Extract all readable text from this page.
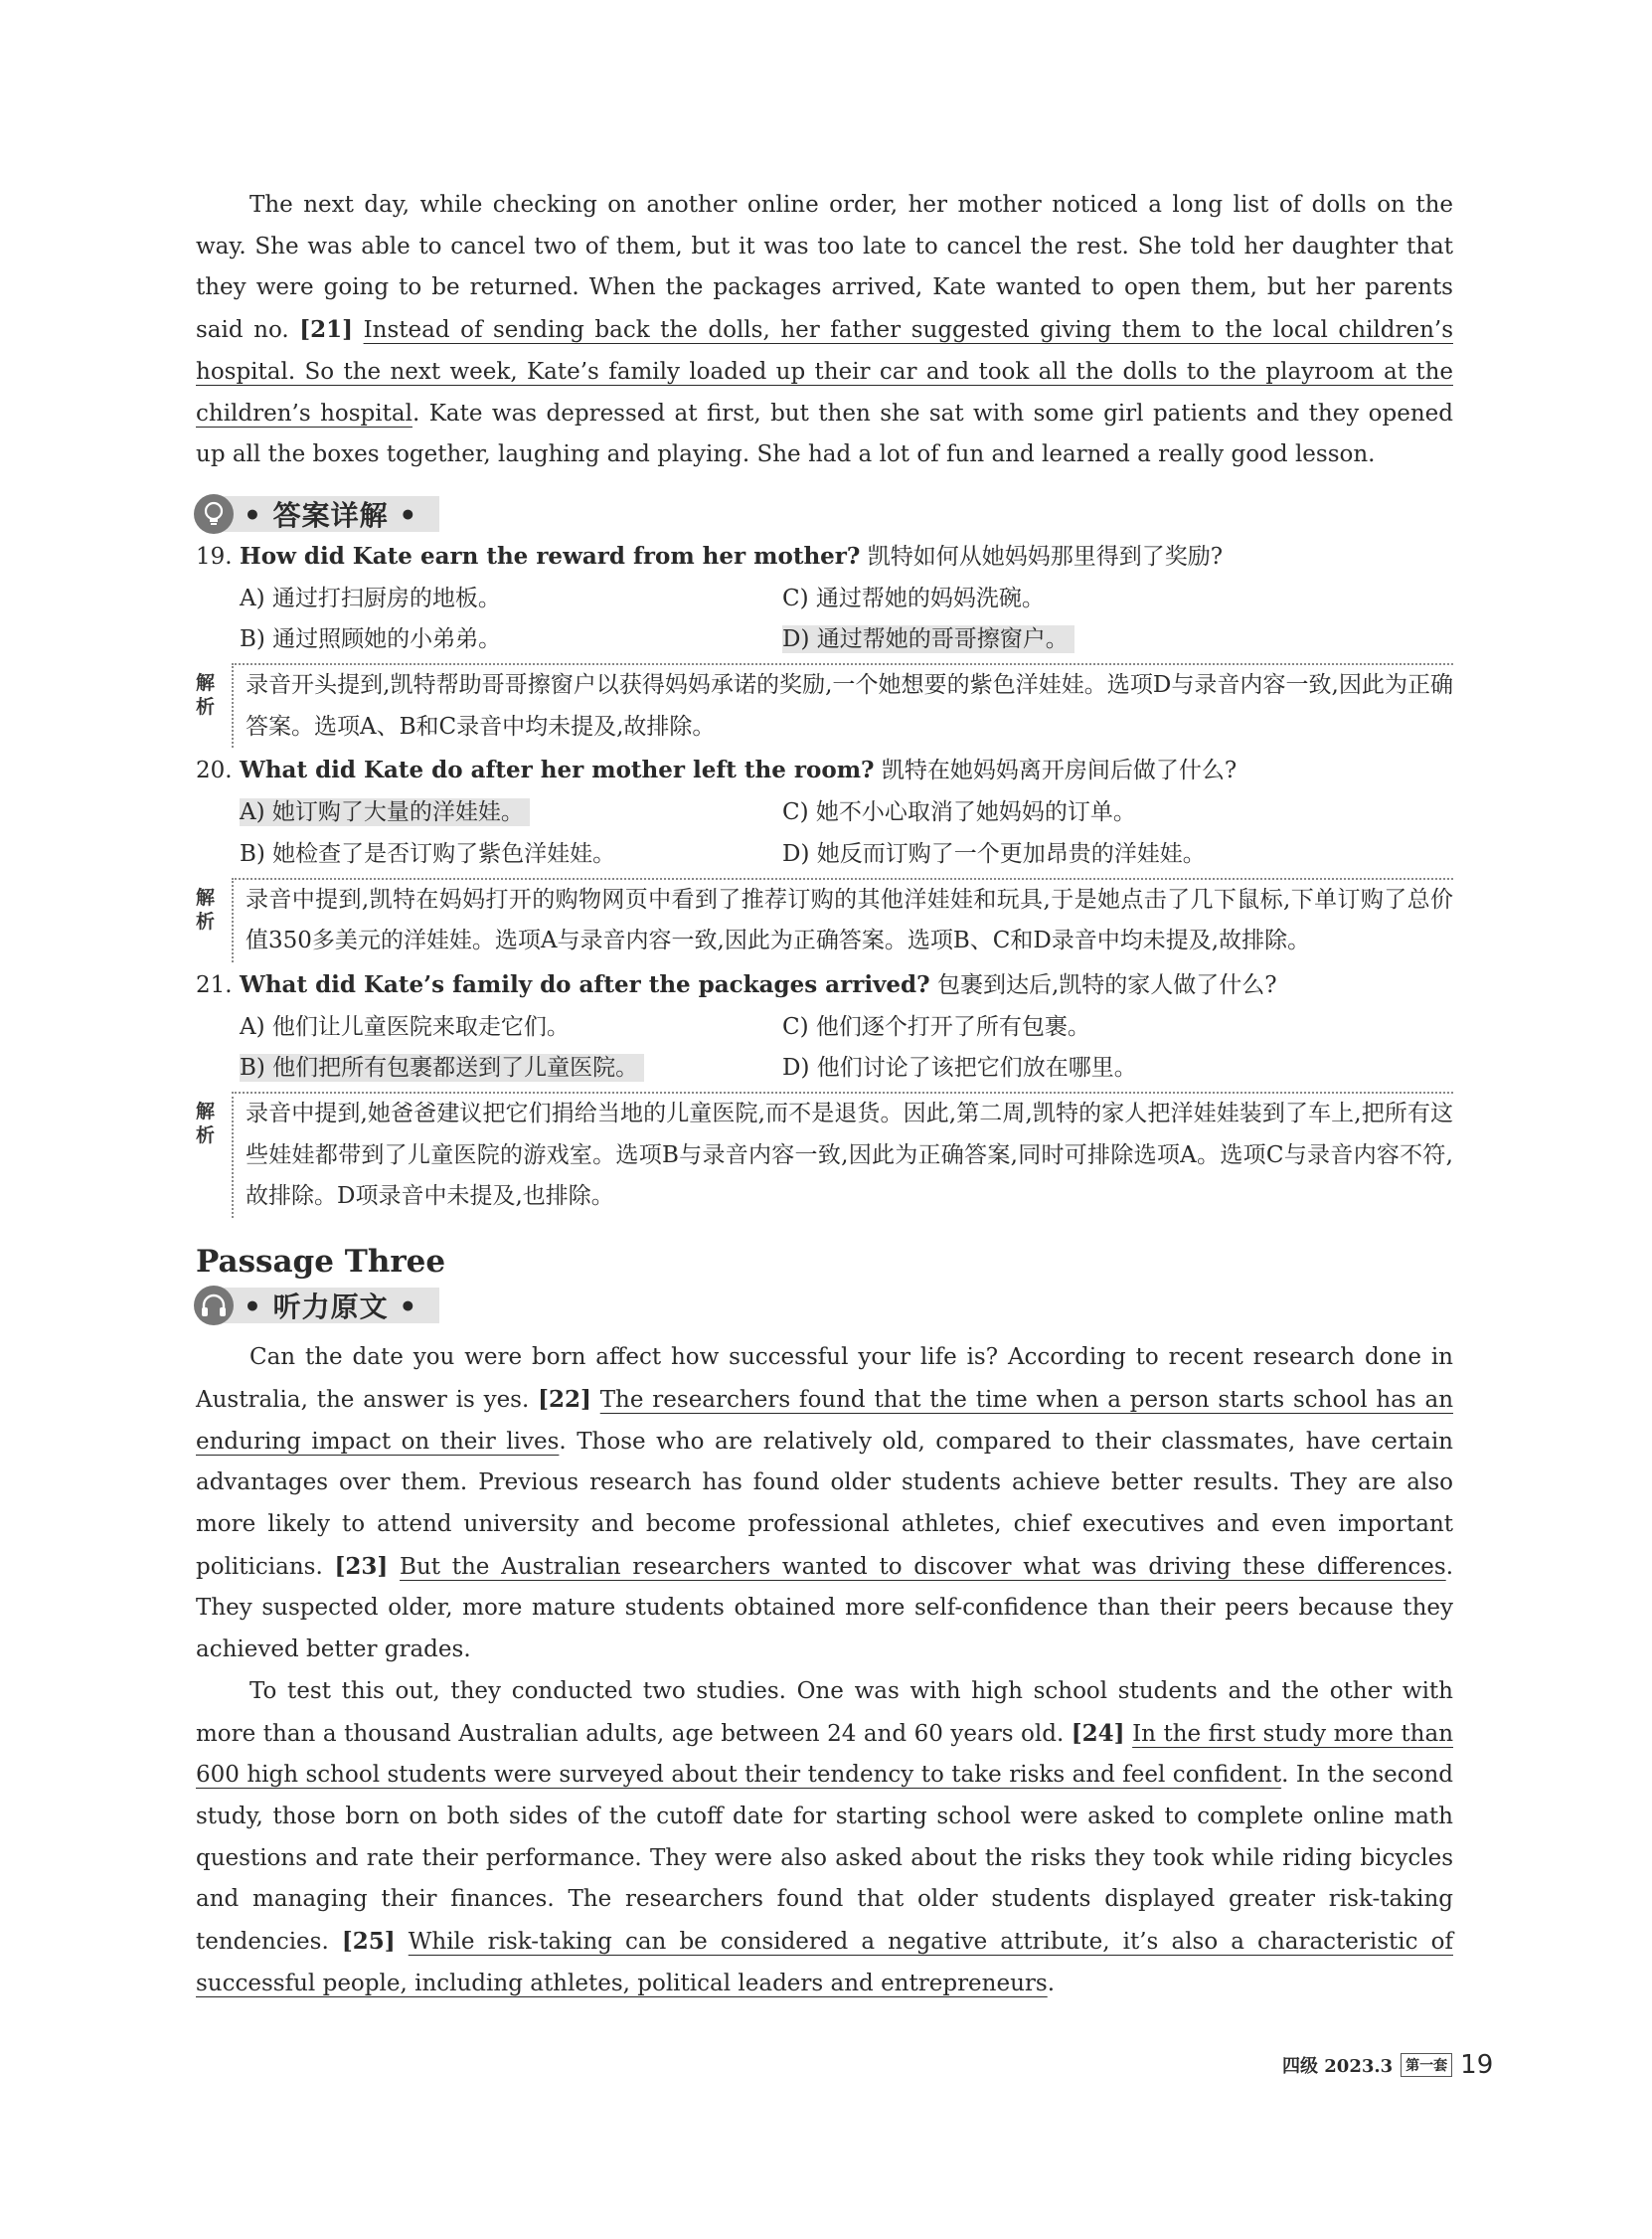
The next day, while checking on another online order, her mother noticed a long list of dolls on the way. She was able to cancel two of them, but it was too late to cancel the rest. She told her daughter that they were going to be returned. When the packages arrived, Kate wanted to open them, but her parents said no. [21] Instead of sending back the dolls, her father suggested giving them to the local children’s hospital. So the next week, Kate’s family loaded up their car and took all the dolls to the playroom at the children’s hospital. Kate was depressed at first, but then she sat with some girl patients and they opened up all the boxes together, laughing and playing. She had a lot of fun and learned a really good lesson.

• 答案详解 •

19. How did Kate earn the reward from her mother? 凯特如何从她妈妈那里得到了奖励?

A) 通过打扫厨房的地板。	C) 通过帮她的妈妈洗碗。
B) 通过照顾她的小弟弟。	D) 通过帮她的哥哥擦窗户。
解析
录音开头提到,凯特帮助哥哥擦窗户以获得妈妈承诺的奖励,一个她想要的紫色洋娃娃。选项D与录音内容一致,因此为正确答案。选项A、B和C录音中均未提及,故排除。

20. What did Kate do after her mother left the room? 凯特在她妈妈离开房间后做了什么?

A) 她订购了大量的洋娃娃。	C) 她不小心取消了她妈妈的订单。
B) 她检查了是否订购了紫色洋娃娃。	D) 她反而订购了一个更加昂贵的洋娃娃。
解析
录音中提到,凯特在妈妈打开的购物网页中看到了推荐订购的其他洋娃娃和玩具,于是她点击了几下鼠标,下单订购了总价值350多美元的洋娃娃。选项A与录音内容一致,因此为正确答案。选项B、C和D录音中均未提及,故排除。

21. What did Kate’s family do after the packages arrived? 包裹到达后,凯特的家人做了什么?

A) 他们让儿童医院来取走它们。	C) 他们逐个打开了所有包裹。
B) 他们把所有包裹都送到了儿童医院。	D) 他们讨论了该把它们放在哪里。
解析
录音中提到,她爸爸建议把它们捐给当地的儿童医院,而不是退货。因此,第二周,凯特的家人把洋娃娃装到了车上,把所有这些娃娃都带到了儿童医院的游戏室。选项B与录音内容一致,因此为正确答案,同时可排除选项A。选项C与录音内容不符,故排除。D项录音中未提及,也排除。
Passage Three
• 听力原文 •

Can the date you were born affect how successful your life is? According to recent research done in Australia, the answer is yes. [22] The researchers found that the time when a person starts school has an enduring impact on their lives. Those who are relatively old, compared to their classmates, have certain advantages over them. Previous research has found older students achieve better results. They are also more likely to attend university and become professional athletes, chief executives and even important politicians. [23] But the Australian researchers wanted to discover what was driving these differences. They suspected older, more mature students obtained more self-confidence than their peers because they achieved better grades.

To test this out, they conducted two studies. One was with high school students and the other with more than a thousand Australian adults, age between 24 and 60 years old. [24] In the first study more than 600 high school students were surveyed about their tendency to take risks and feel confident. In the second study, those born on both sides of the cutoff date for starting school were asked to complete online math questions and rate their performance. They were also asked about the risks they took while riding bicycles and managing their finances. The researchers found that older students displayed greater risk-taking tendencies. [25] While risk-taking can be considered a negative attribute, it’s also a characteristic of successful people, including athletes, political leaders and entrepreneurs.

四级 2023.3 第一套 19
